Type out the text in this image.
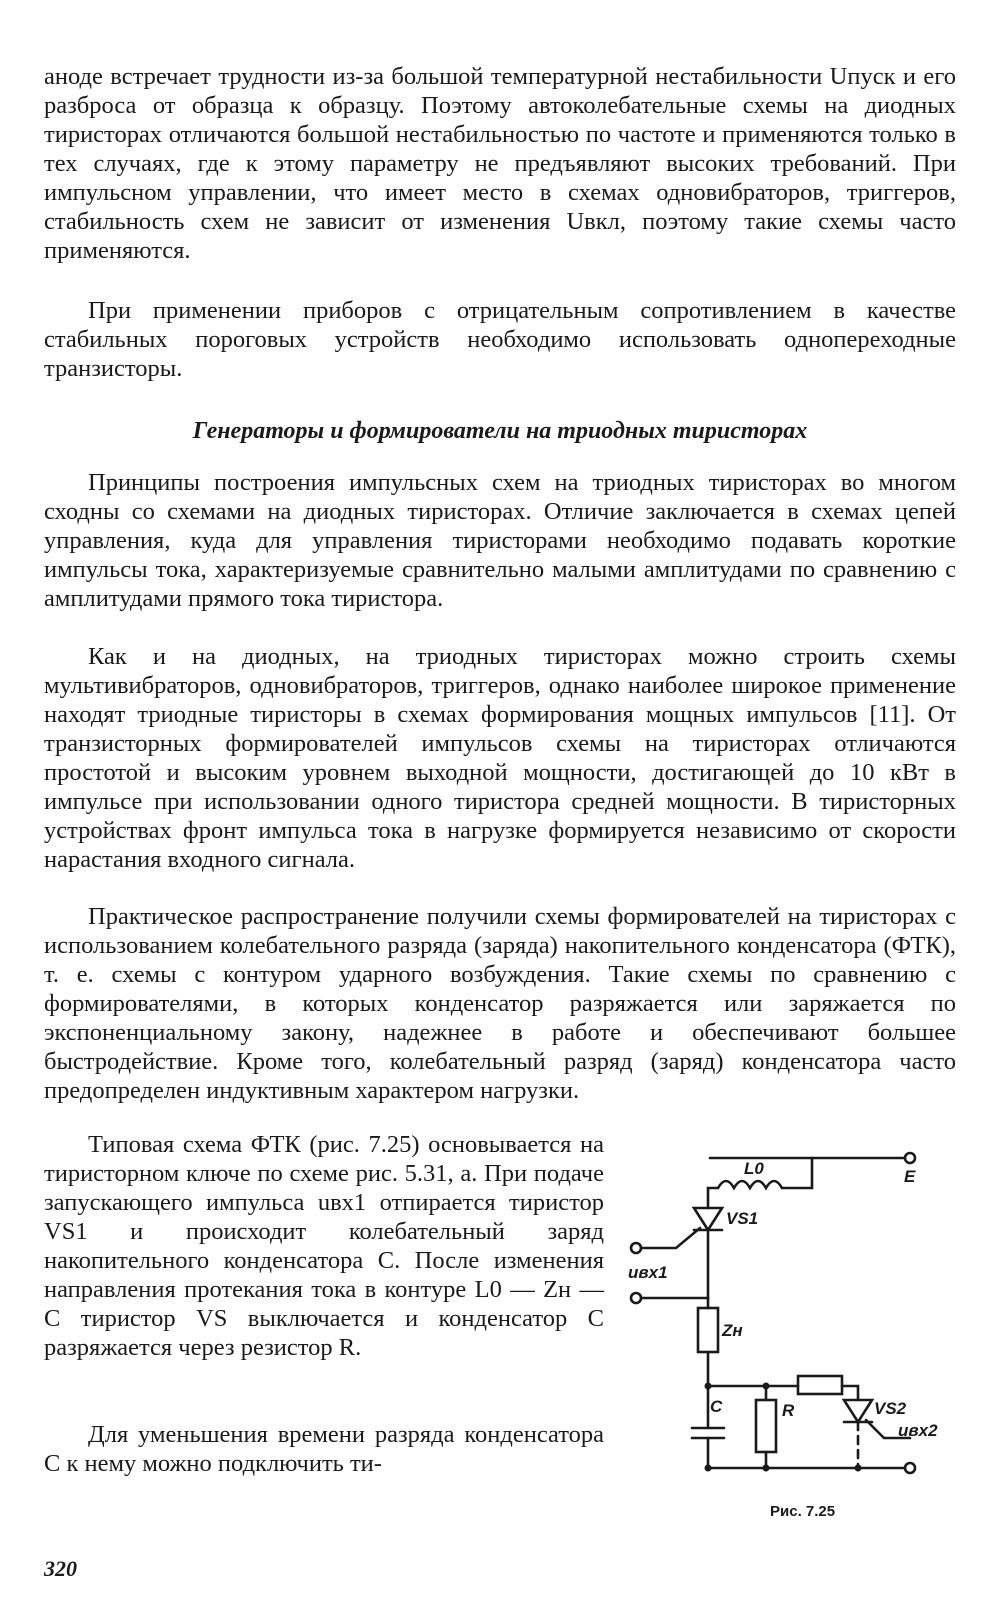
аноде встречает трудности из-за большой температурной нестабильности Uпуск и его разброса от образца к образцу. Поэтому автоколебательные схемы на диодных тиристорах отличаются большой нестабильностью по частоте и применяются только в тех случаях, где к этому параметру не предъявляют высоких требований. При импульсном управлении, что имеет место в схемах одновибраторов, триггеров, стабильность схем не зависит от изменения Uвкл, поэтому такие схемы часто применяются.
При применении приборов с отрицательным сопротивлением в качестве стабильных пороговых устройств необходимо использовать однопереходные транзисторы.
Генераторы и формирователи на триодных тиристорах
Принципы построения импульсных схем на триодных тиристорах во многом сходны со схемами на диодных тиристорах. Отличие заключается в схемах цепей управления, куда для управления тиристорами необходимо подавать короткие импульсы тока, характеризуемые сравнительно малыми амплитудами по сравнению с амплитудами прямого тока тиристора.
Как и на диодных, на триодных тиристорах можно строить схемы мультивибраторов, одновибраторов, триггеров, однако наиболее широкое применение находят триодные тиристоры в схемах формирования мощных импульсов [11]. От транзисторных формирователей импульсов схемы на тиристорах отличаются простотой и высоким уровнем выходной мощности, достигающей до 10 кВт в импульсе при использовании одного тиристора средней мощности. В тиристорных устройствах фронт импульса тока в нагрузке формируется независимо от скорости нарастания входного сигнала.
Практическое распространение получили схемы формирователей на тиристорах с использованием колебательного разряда (заряда) накопительного конденсатора (ФТК), т. е. схемы с контуром ударного возбуждения. Такие схемы по сравнению с формирователями, в которых конденсатор разряжается или заряжается по экспоненциальному закону, надежнее в работе и обеспечивают большее быстродействие. Кроме того, колебательный разряд (заряд) конденсатора часто предопределен индуктивным характером нагрузки.
Типовая схема ФТК (рис. 7.25) основывается на тиристорном ключе по схеме рис. 5.31, а. При подаче запускающего импульса uвх1 отпирается тиристор VS1 и происходит колебательный заряд накопительного конденсатора C. После изменения направления протекания тока в контуре L0 — Zн — C тиристор VS выключается и конденсатор C разряжается через резистор R.
Для уменьшения времени разряда конденсатора C к нему можно подключить ти-
L0	E
VS1
uвх1
Zн
C	R	VS2
uвх2
Рис. 7.25
320
